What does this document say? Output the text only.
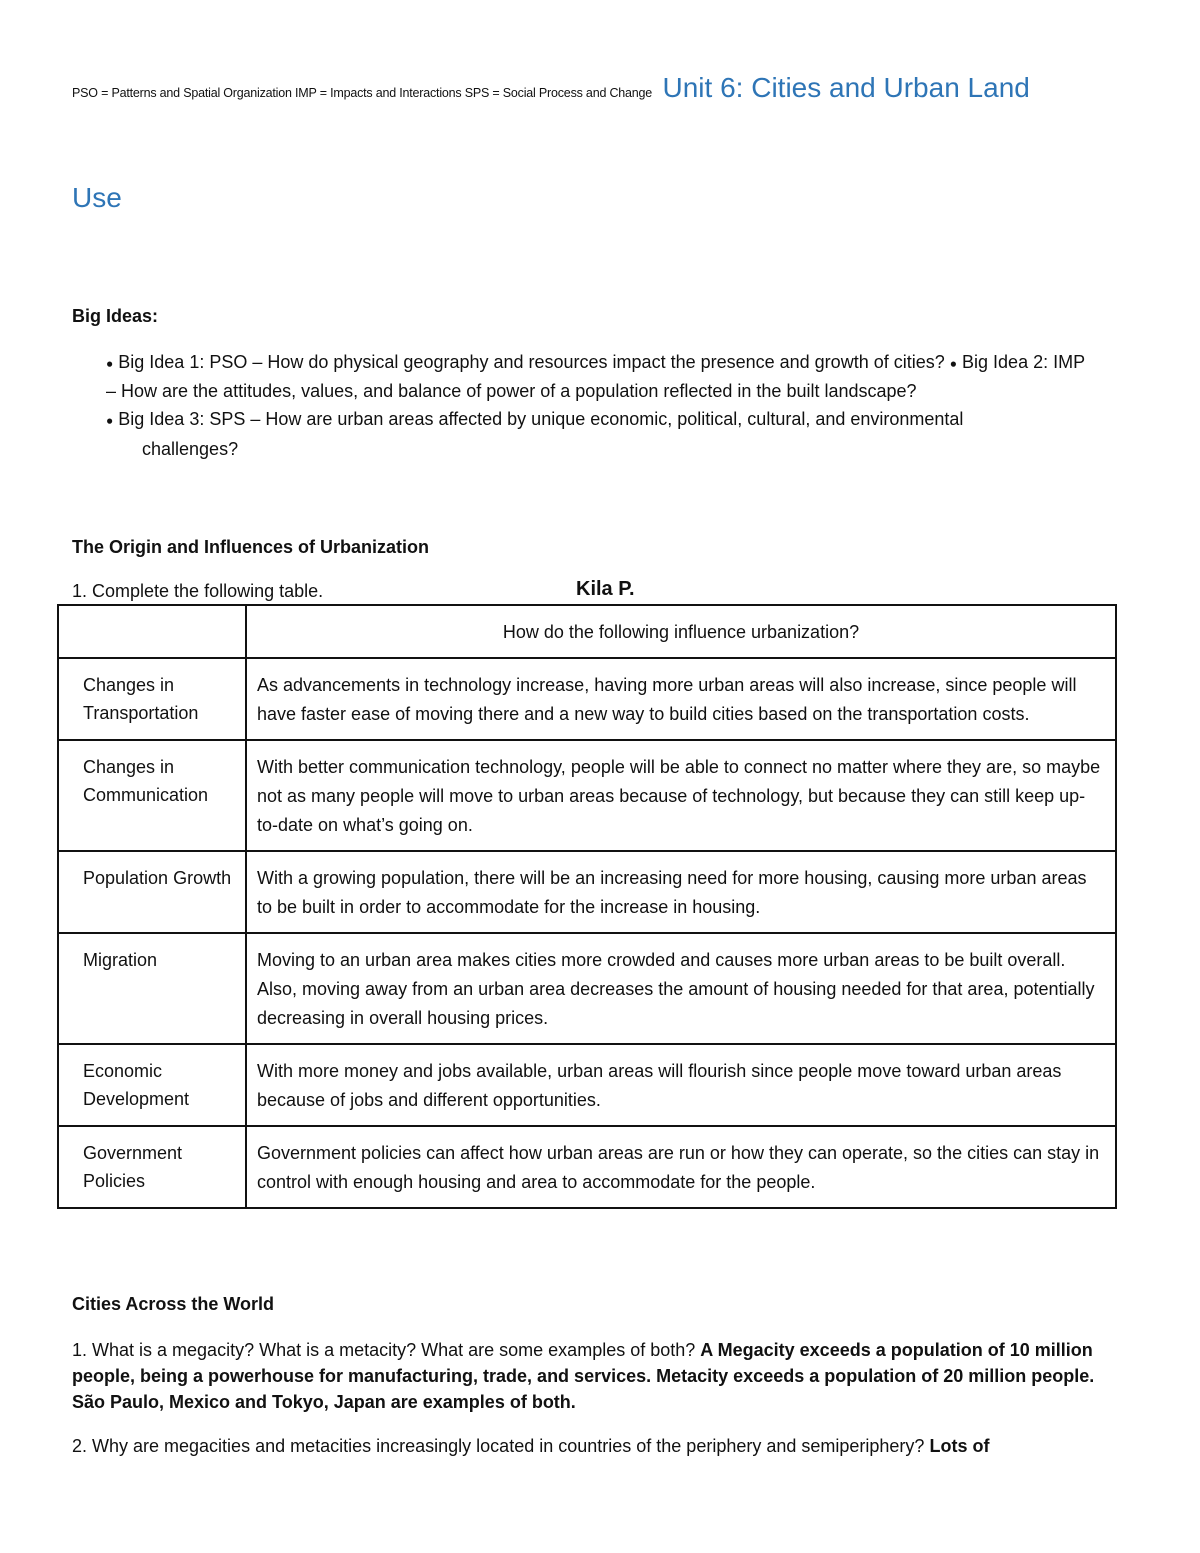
PSO = Patterns and Spatial Organization IMP = Impacts and Interactions SPS = Social Process and Change Unit 6: Cities and Urban Land
Use
Big Ideas:

● Big Idea 1: PSO – How do physical geography and resources impact the presence and growth of cities? ● Big Idea 2: IMP – How are the attitudes, values, and balance of power of a population reflected in the built landscape?

● Big Idea 3: SPS – How are urban areas affected by unique economic, political, cultural, and environmental

challenges?

The Origin and Influences of Urbanization
1. Complete the following table.	Kila P.
	How do the following influence urbanization?
Changes in Transportation	As advancements in technology increase, having more urban areas will also increase, since people will have faster ease of moving there and a new way to build cities based on the transportation costs.
Changes in Communication	With better communication technology, people will be able to connect no matter where they are, so maybe not as many people will move to urban areas because of technology, but because they can still keep up-to-date on what’s going on.
Population Growth	With a growing population, there will be an increasing need for more housing, causing more urban areas to be built in order to accommodate for the increase in housing.
Migration	Moving to an urban area makes cities more crowded and causes more urban areas to be built overall. Also, moving away from an urban area decreases the amount of housing needed for that area, potentially decreasing in overall housing prices.
Economic Development	With more money and jobs available, urban areas will flourish since people move toward urban areas because of jobs and different opportunities.
Government Policies	Government policies can affect how urban areas are run or how they can operate, so the cities can stay in control with enough housing and area to accommodate for the people.
Cities Across the World

1. What is a megacity? What is a metacity? What are some examples of both? A Megacity exceeds a population of 10 million people, being a powerhouse for manufacturing, trade, and services. Metacity exceeds a population of 20 million people. São Paulo, Mexico and Tokyo, Japan are examples of both.

2. Why are megacities and metacities increasingly located in countries of the periphery and semiperiphery? Lots of
